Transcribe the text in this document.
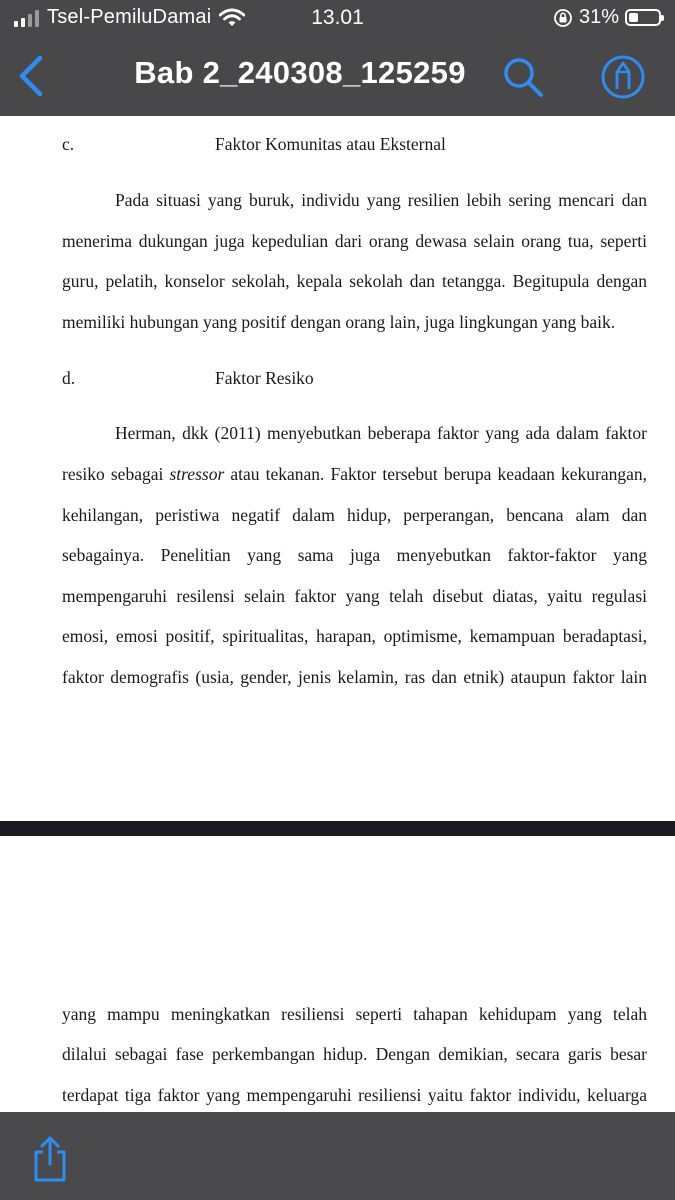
Tsel-PemiluDamai	13.01	31%
Bab 2_240308_125259
c.	Faktor Komunitas atau Eksternal
Pada situasi yang buruk, individu yang resilien lebih sering mencari dan
menerima dukungan juga kepedulian dari orang dewasa selain orang tua, seperti
guru, pelatih, konselor sekolah, kepala sekolah dan tetangga. Begitupula dengan
memiliki hubungan yang positif dengan orang lain, juga lingkungan yang baik.
d.	Faktor Resiko
Herman, dkk (2011) menyebutkan beberapa faktor yang ada dalam faktor
resiko sebagai stressor atau tekanan. Faktor tersebut berupa keadaan kekurangan,
kehilangan, peristiwa negatif dalam hidup, perperangan, bencana alam dan
sebagainya. Penelitian yang sama juga menyebutkan faktor-faktor yang
mempengaruhi resilensi selain faktor yang telah disebut diatas, yaitu regulasi
emosi, emosi positif, spiritualitas, harapan, optimisme, kemampuan beradaptasi,
faktor demografis (usia, gender, jenis kelamin, ras dan etnik) ataupun faktor lain
yang mampu meningkatkan resiliensi seperti tahapan kehidupam yang telah
dilalui sebagai fase perkembangan hidup. Dengan demikian, secara garis besar
terdapat tiga faktor yang mempengaruhi resiliensi yaitu faktor individu, keluarga
